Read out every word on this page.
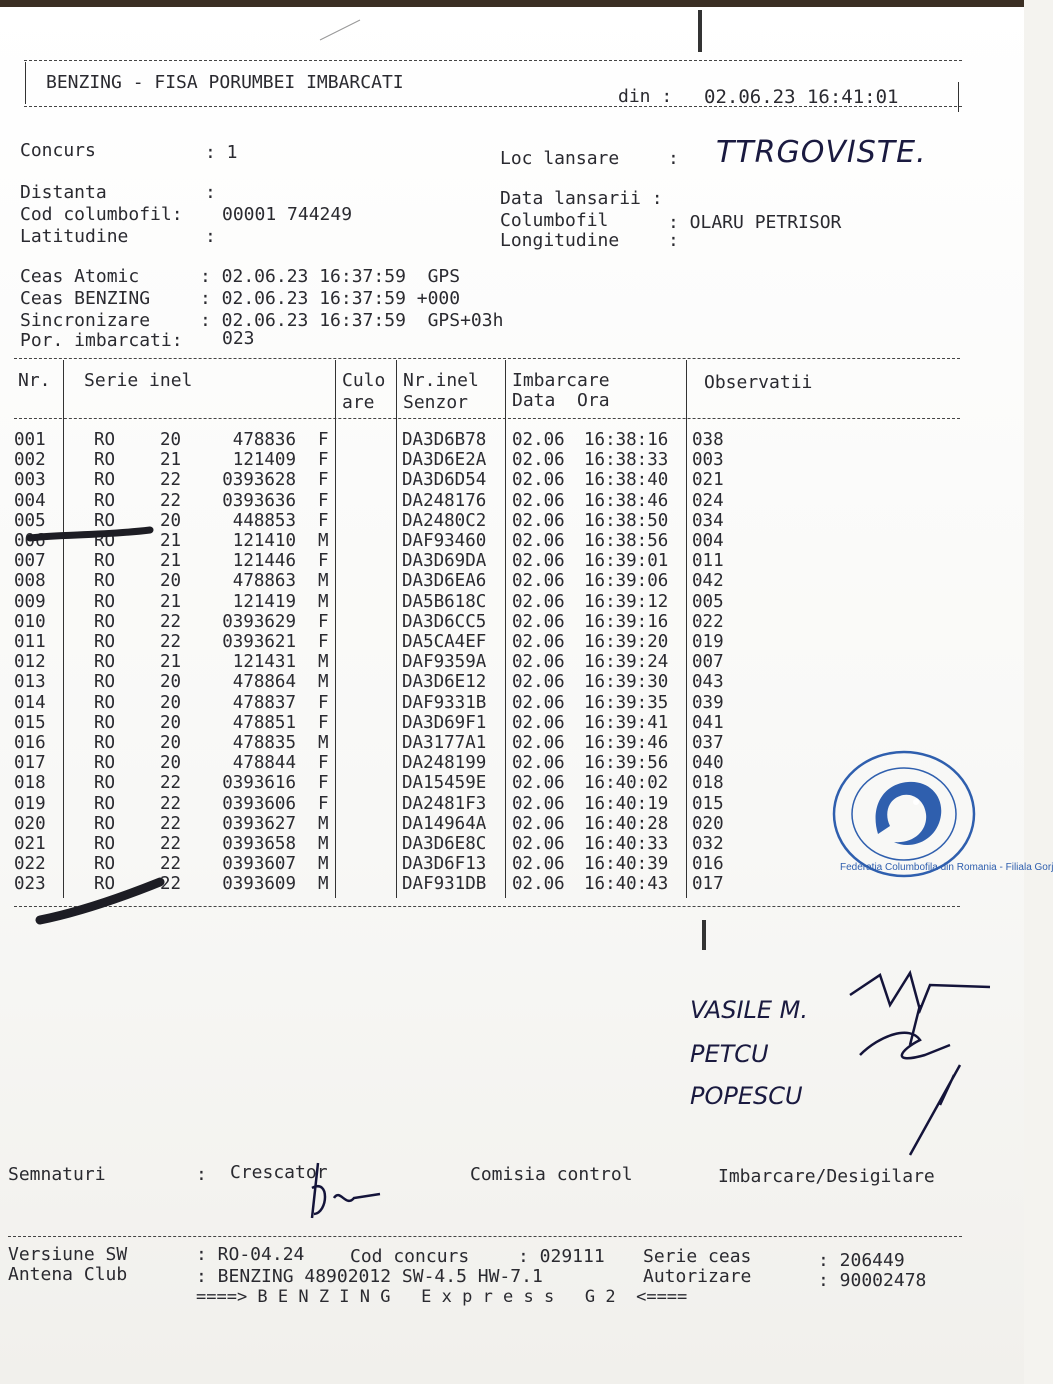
BENZING - FISA PORUMBEI IMBARCATI
din : 02.06.23 16:41:01
Concurs	: 1	Loc lansare	: TTRGOVISTE.
Distanta	:
Cod columbofil: 00001 744249
Latitudine	:
Data lansarii :
Columbofil	: OLARU PETRISOR
Longitudine	:
Ceas Atomic	: 02.06.23 16:37:59  GPS
Ceas BENZING	: 02.06.23 16:37:59 +000
Sincronizare	: 02.06.23 16:37:59  GPS+03h
Por. imbarcati: 023
Nr. Serie inel	Culo
are
Nr.inel
Senzor
Imbarcare
Data  Ora
Observatii
001	RO	20	478836 F	DA3D6B78 02.06 16:38:16 038
002	RO	21	121409 F	DA3D6E2A 02.06 16:38:33 003
003	RO	22 0393628 F	DA3D6D54 02.06 16:38:40 021
004	RO	22 0393636 F	DA248176 02.06 16:38:46 024
005	RO	20	448853 F	DA2480C2 02.06 16:38:50 034
006	RO	21	121410 M	DAF93460 02.06 16:38:56 004
007	RO	21	121446 F	DA3D69DA 02.06 16:39:01 011
008	RO	20	478863 M	DA3D6EA6 02.06 16:39:06 042
009	RO	21	121419 M	DA5B618C 02.06 16:39:12 005
010	RO	22 0393629 F	DA3D6CC5 02.06 16:39:16 022
011	RO	22 0393621 F	DA5CA4EF 02.06 16:39:20 019
012	RO	21	121431 M	DAF9359A 02.06 16:39:24 007
013	RO	20	478864 M	DA3D6E12 02.06 16:39:30 043
014	RO	20	478837 F	DAF9331B 02.06 16:39:35 039
015	RO	20	478851 F	DA3D69F1 02.06 16:39:41 041
016	RO	20	478835 M	DA3177A1 02.06 16:39:46 037
017	RO	20	478844 F	DA248199 02.06 16:39:56 040
018	RO	22 0393616 F	DA15459E 02.06 16:40:02 018
019	RO	22 0393606 F	DA2481F3 02.06 16:40:19 015
020	RO	22 0393627 M	DA14964A 02.06 16:40:28 020
021	RO	22 0393658 M	DA3D6E8C 02.06 16:40:33 032
022	RO	22 0393607 M	DA3D6F13 02.06 16:40:39 016
023	RO	22 0393609 M	DAF931DB 02.06 16:40:43 017
Federatia Columbofila din Romania - Filiala Gorj
VASILE M.
PETCU
POPESCU
Semnaturi	: Crescator	Comisia control	Imbarcare/Desigilare
Versiune SW	: RO-04.24	Cod concurs	: 029111 Serie ceas	: 206449
Antena Club	: BENZING 48902012 SW-4.5 HW-7.1	Autorizare	: 90002478
====> B E N Z I N G   E x p r e s s   G 2  <====
